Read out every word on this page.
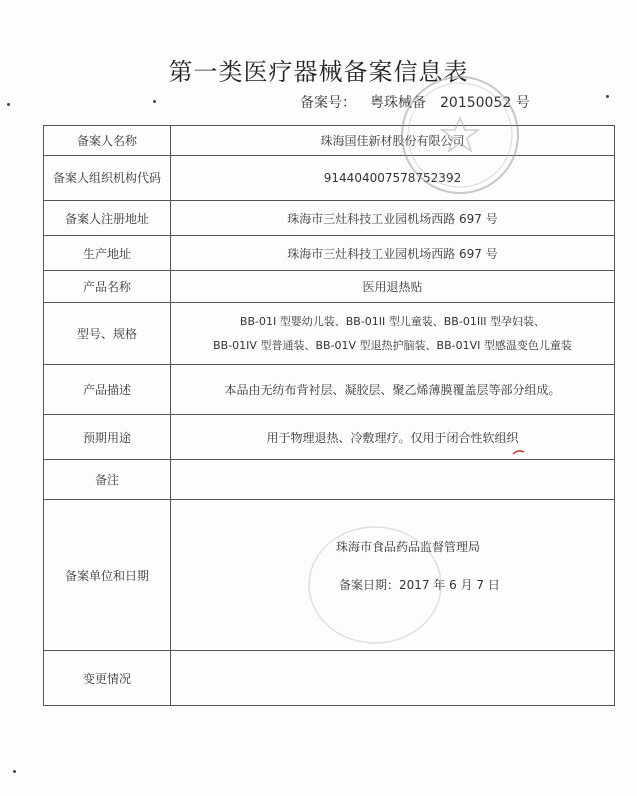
第一类医疗器械备案信息表
备案号： 粤珠械备　20150052 号
备案人名称	珠海国佳新材股份有限公司
备案人组织机构代码	914404007578752392
备案人注册地址	珠海市三灶科技工业园机场西路 697 号
生产地址	珠海市三灶科技工业园机场西路 697 号
产品名称	医用退热贴
型号、规格	BB-01I 型婴幼儿装、BB-01II 型儿童装、BB-01III 型孕妇装、
BB-01IV 型普通装、BB-01V 型退热护脑装、BB-01VI 型感温变色儿童装

产品描述	本品由无纺布背衬层、凝胶层、聚乙烯薄膜覆盖层等部分组成。
预期用途	用于物理退热、冷敷理疗。仅用于闭合性软组织
备注	
备案单位和日期	珠海市食品药品监督管理局
备案日期：2017 年 6 月 7 日

变更情况	
